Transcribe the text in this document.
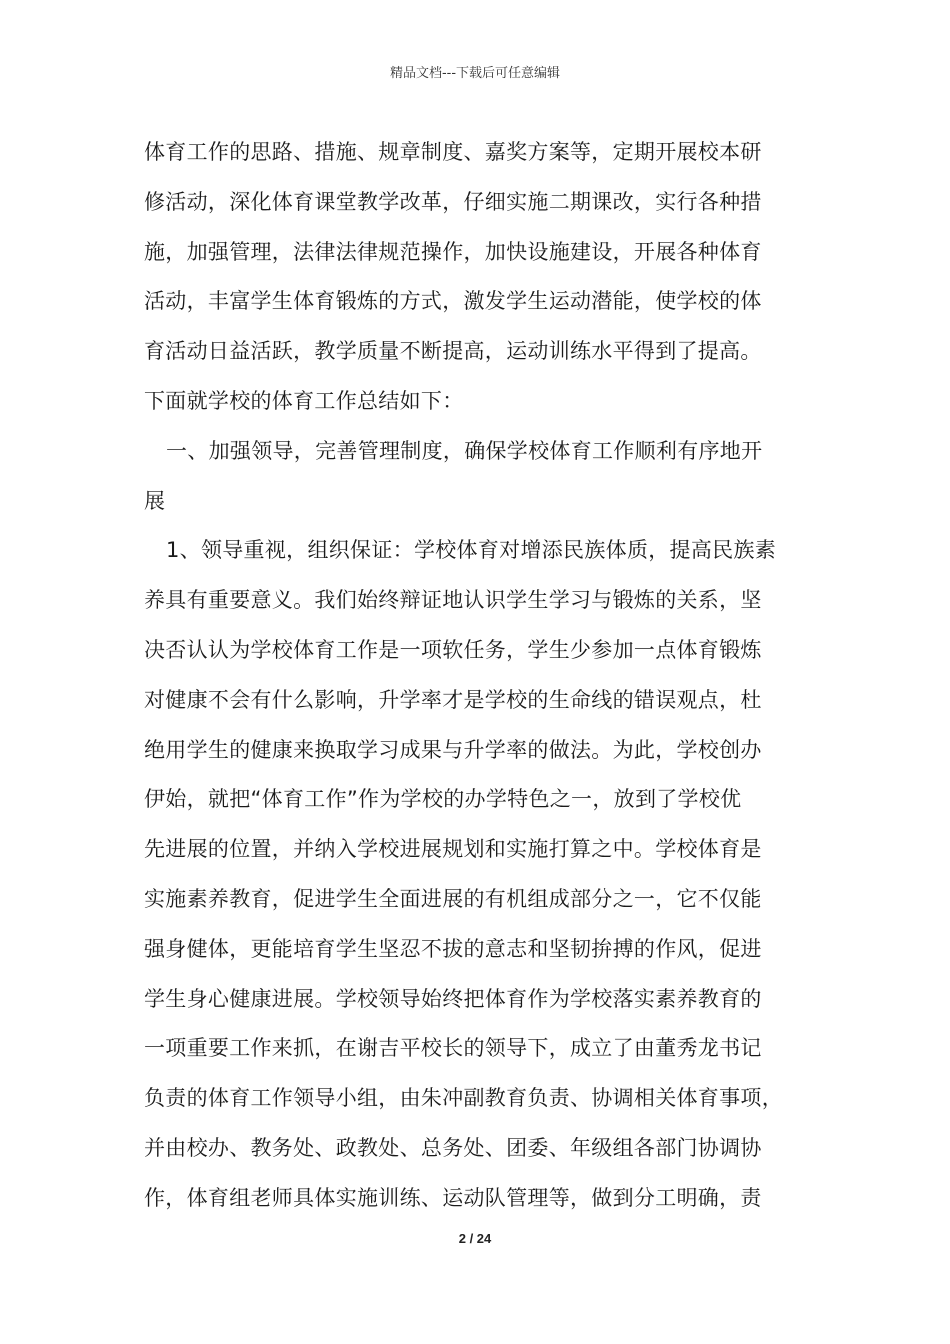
精品文档---下载后可任意编辑
体育工作的思路、措施、规章制度、嘉奖方案等，定期开展校本研
修活动，深化体育课堂教学改革，仔细实施二期课改，实行各种措
施，加强管理，法律法律规范操作，加快设施建设，开展各种体育
活动，丰富学生体育锻炼的方式，激发学生运动潜能，使学校的体
育活动日益活跃，教学质量不断提高，运动训练水平得到了提高。
下面就学校的体育工作总结如下：
一、加强领导，完善管理制度，确保学校体育工作顺利有序地开
展
1、领导重视，组织保证：学校体育对增添民族体质，提高民族素
养具有重要意义。我们始终辩证地认识学生学习与锻炼的关系，坚
决否认认为学校体育工作是一项软任务，学生少参加一点体育锻炼
对健康不会有什么影响，升学率才是学校的生命线的错误观点，杜
绝用学生的健康来换取学习成果与升学率的做法。为此，学校创办
伊始，就把“体育工作”作为学校的办学特色之一，放到了学校优
先进展的位置，并纳入学校进展规划和实施打算之中。学校体育是
实施素养教育，促进学生全面进展的有机组成部分之一，它不仅能
强身健体，更能培育学生坚忍不拔的意志和坚韧拚搏的作风，促进
学生身心健康进展。学校领导始终把体育作为学校落实素养教育的
一项重要工作来抓，在谢吉平校长的领导下，成立了由董秀龙书记
负责的体育工作领导小组，由朱冲副教育负责、协调相关体育事项，
并由校办、教务处、政教处、总务处、团委、年级组各部门协调协
作，体育组老师具体实施训练、运动队管理等，做到分工明确，责
2 / 24
